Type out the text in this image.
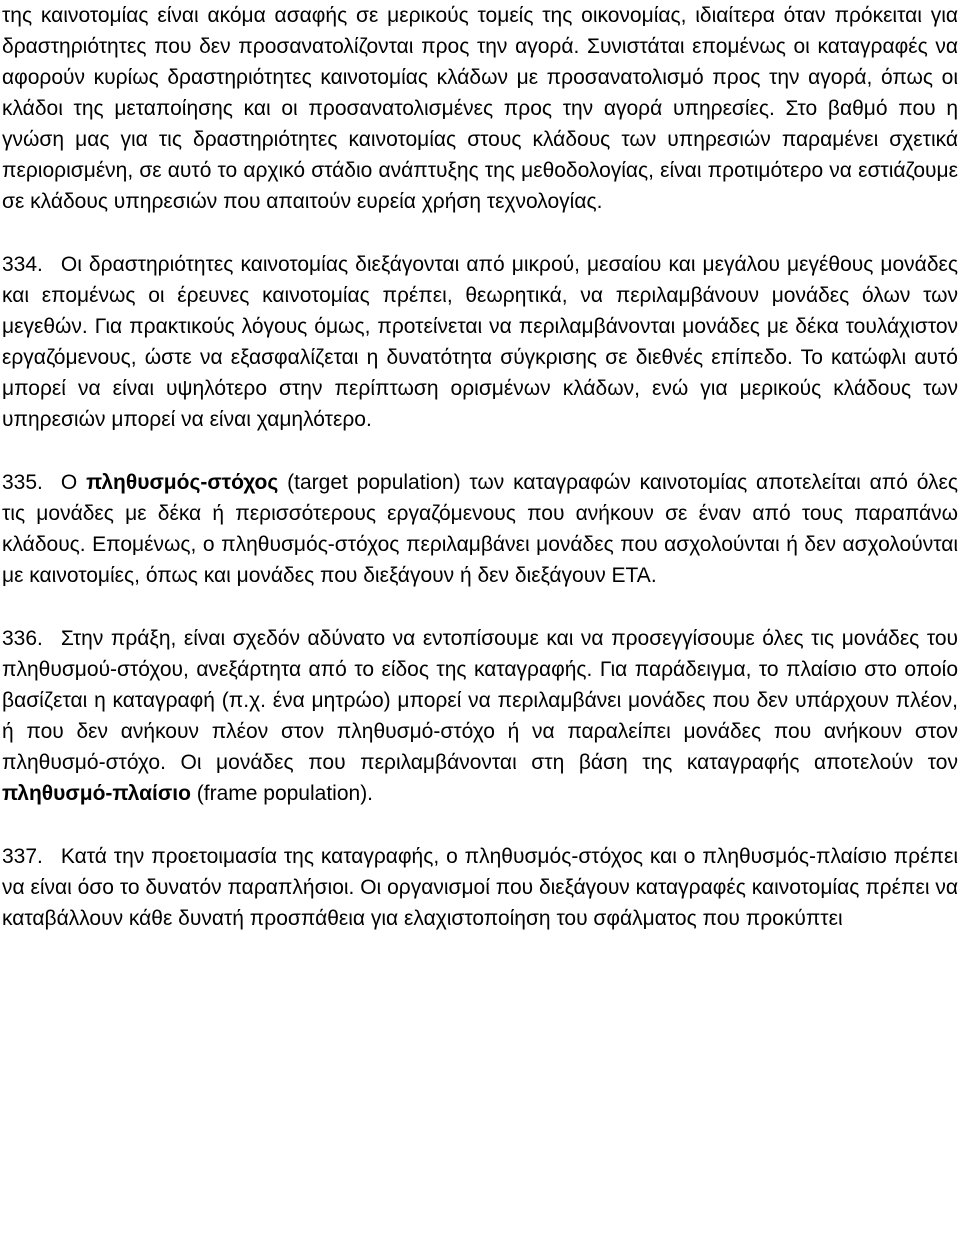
της καινοτομίας είναι ακόμα ασαφής σε μερικούς τομείς της οικονομίας, ιδιαίτερα όταν πρόκειται για δραστηριότητες που δεν προσανατολίζονται προς την αγορά. Συνιστάται επομένως οι καταγραφές να αφορούν κυρίως δραστηριότητες καινοτομίας κλάδων με προσανατολισμό προς την αγορά, όπως οι κλάδοι της μεταποίησης και οι προσανατολισμένες προς την αγορά υπηρεσίες. Στο βαθμό που η γνώση μας για τις δραστηριότητες καινοτομίας στους κλάδους των υπηρεσιών παραμένει σχετικά περιορισμένη, σε αυτό το αρχικό στάδιο ανάπτυξης της μεθοδολογίας, είναι προτιμότερο να εστιάζουμε σε κλάδους υπηρεσιών που απαιτούν ευρεία χρήση τεχνολογίας.

334. Οι δραστηριότητες καινοτομίας διεξάγονται από μικρού, μεσαίου και μεγάλου μεγέθους μονάδες και επομένως οι έρευνες καινοτομίας πρέπει, θεωρητικά, να περιλαμβάνουν μονάδες όλων των μεγεθών. Για πρακτικούς λόγους όμως, προτείνεται να περιλαμβάνονται μονάδες με δέκα τουλάχιστον εργαζόμενους, ώστε να εξασφαλίζεται η δυνατότητα σύγκρισης σε διεθνές επίπεδο. Το κατώφλι αυτό μπορεί να είναι υψηλότερο στην περίπτωση ορισμένων κλάδων, ενώ για μερικούς κλάδους των υπηρεσιών μπορεί να είναι χαμηλότερο.

335. Ο πληθυσμός-στόχος (target population) των καταγραφών καινοτομίας αποτελείται από όλες τις μονάδες με δέκα ή περισσότερους εργαζόμενους που ανήκουν σε έναν από τους παραπάνω κλάδους. Επομένως, ο πληθυσμός-στόχος περιλαμβάνει μονάδες που ασχολούνται ή δεν ασχολούνται με καινοτομίες, όπως και μονάδες που διεξάγουν ή δεν διεξάγουν ΕΤΑ.

336. Στην πράξη, είναι σχεδόν αδύνατο να εντοπίσουμε και να προσεγγίσουμε όλες τις μονάδες του πληθυσμού-στόχου, ανεξάρτητα από το είδος της καταγραφής. Για παράδειγμα, το πλαίσιο στο οποίο βασίζεται η καταγραφή (π.χ. ένα μητρώο) μπορεί να περιλαμβάνει μονάδες που δεν υπάρχουν πλέον, ή που δεν ανήκουν πλέον στον πληθυσμό-στόχο ή να παραλείπει μονάδες που ανήκουν στον πληθυσμό-στόχο. Οι μονάδες που περιλαμβάνονται στη βάση της καταγραφής αποτελούν τον πληθυσμό-πλαίσιο (frame population).

337. Κατά την προετοιμασία της καταγραφής, ο πληθυσμός-στόχος και ο πληθυσμός-πλαίσιο πρέπει να είναι όσο το δυνατόν παραπλήσιοι. Οι οργανισμοί που διεξάγουν καταγραφές καινοτομίας πρέπει να καταβάλλουν κάθε δυνατή προσπάθεια για ελαχιστοποίηση του σφάλματος που προκύπτει
